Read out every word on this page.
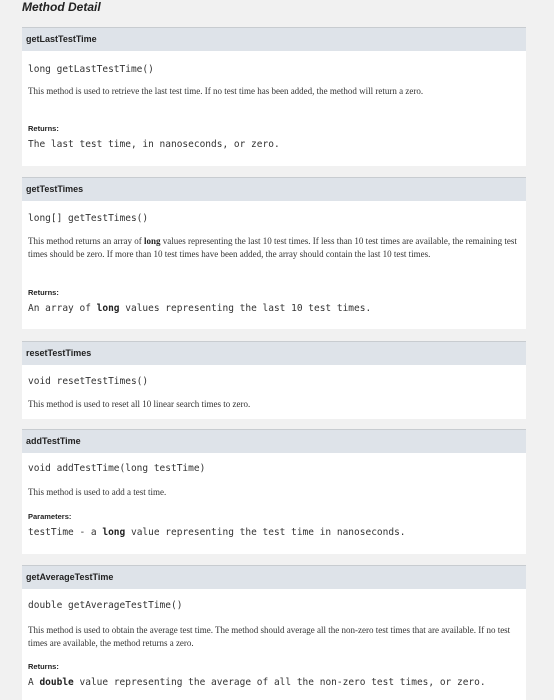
Method Detail
getLastTestTime
long getLastTestTime()
This method is used to retrieve the last test time. If no test time has been added, the method will return a zero.
Returns:
The last test time, in nanoseconds, or zero.
getTestTimes
long[] getTestTimes()
This method returns an array of long values representing the last 10 test times. If less than 10 test times are available, the remaining test times should be zero. If more than 10 test times have been added, the array should contain the last 10 test times.
Returns:
An array of long values representing the last 10 test times.
resetTestTimes
void resetTestTimes()
This method is used to reset all 10 linear search times to zero.
addTestTime
void addTestTime(long testTime)
This method is used to add a test time.
Parameters:
testTime - a long value representing the test time in nanoseconds.
getAverageTestTime
double getAverageTestTime()
This method is used to obtain the average test time. The method should average all the non-zero test times that are available. If no test times are available, the method returns a zero.
Returns:
A double value representing the average of all the non-zero test times, or zero.
